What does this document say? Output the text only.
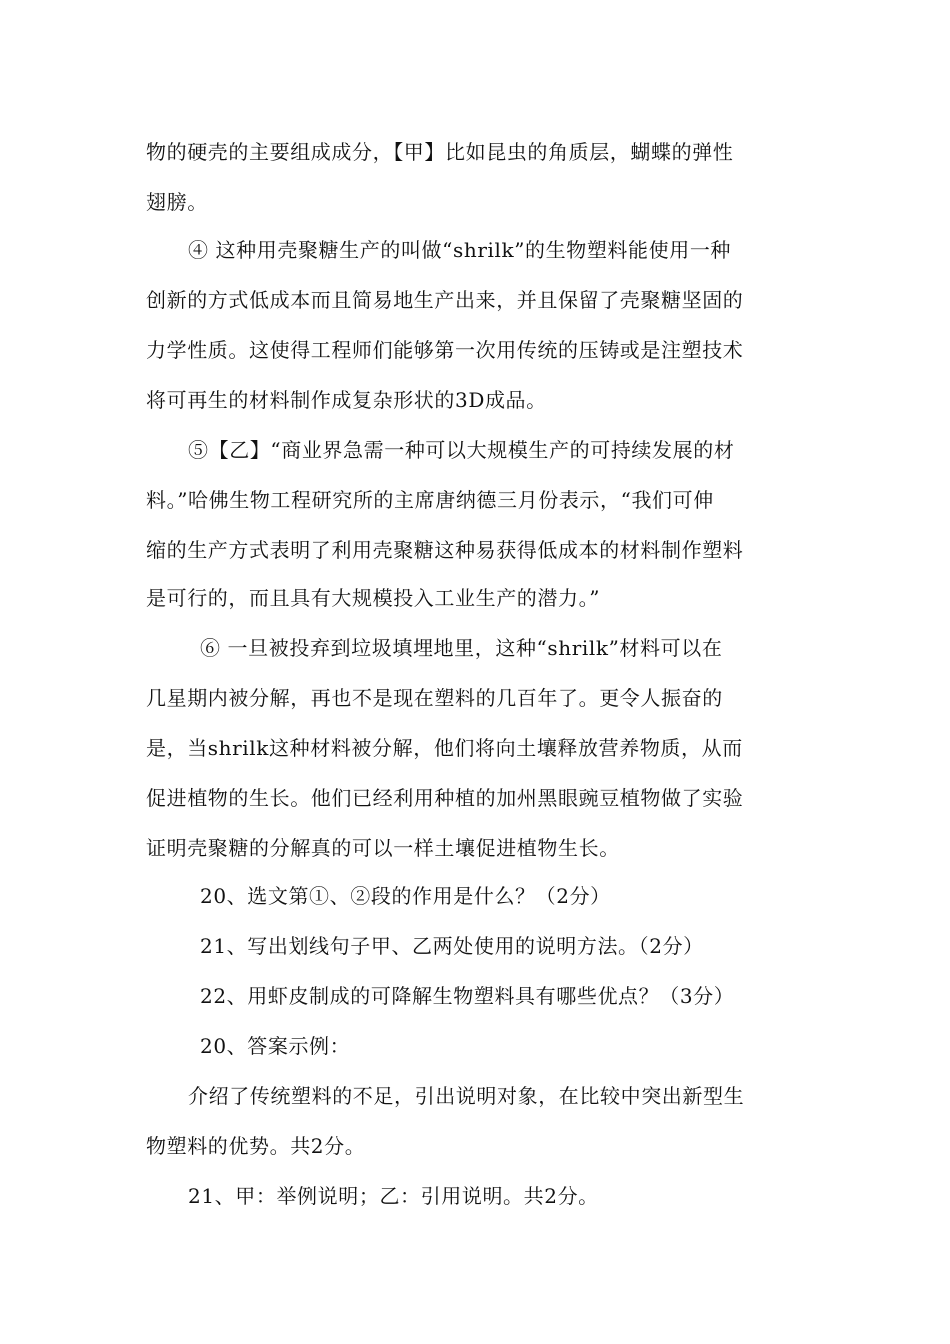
物的硬壳的主要组成成分，【甲】比如昆虫的角质层，蝴蝶的弹性
翅膀。
④ 这种用壳聚糖生产的叫做“shrilk”的生物塑料能使用一种
创新的方式低成本而且简易地生产出来，并且保留了壳聚糖坚固的
力学性质。这使得工程师们能够第一次用传统的压铸或是注塑技术
将可再生的材料制作成复杂形状的3D成品。
⑤【乙】“商业界急需一种可以大规模生产的可持续发展的材
料。”哈佛生物工程研究所的主席唐纳德三月份表示，“我们可伸
缩的生产方式表明了利用壳聚糖这种易获得低成本的材料制作塑料
是可行的，而且具有大规模投入工业生产的潜力。”
⑥ 一旦被投弃到垃圾填埋地里，这种“shrilk”材料可以在
几星期内被分解，再也不是现在塑料的几百年了。更令人振奋的
是，当shrilk这种材料被分解，他们将向土壤释放营养物质，从而
促进植物的生长。他们已经利用种植的加州黑眼豌豆植物做了实验
证明壳聚糖的分解真的可以一样土壤促进植物生长。
20、选文第①、②段的作用是什么？（2分）
21、写出划线句子甲、乙两处使用的说明方法。（2分）
22、用虾皮制成的可降解生物塑料具有哪些优点？（3分）
20、答案示例：
介绍了传统塑料的不足，引出说明对象，在比较中突出新型生
物塑料的优势。共2分。
21、甲：举例说明；乙：引用说明。共2分。
